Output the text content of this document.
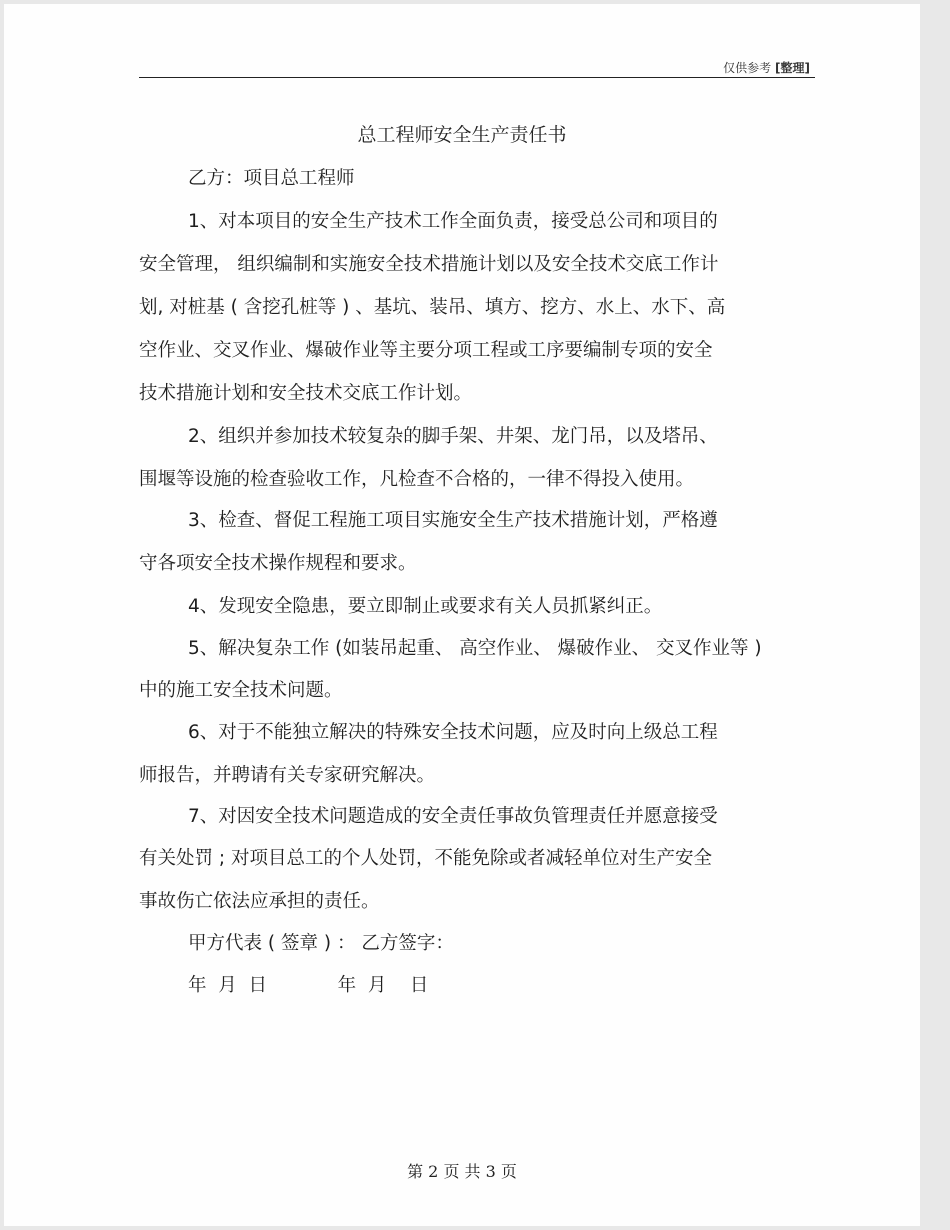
仅供参考 [整理]
总工程师安全生产责任书
乙方：项目总工程师
1、对本项目的安全生产技术工作全面负责，接受总公司和项目的
安全管理， 组织编制和实施安全技术措施计划以及安全技术交底工作计
划, 对桩基 ( 含挖孔桩等 ) 、基坑、装吊、填方、挖方、水上、水下、高
空作业、交叉作业、爆破作业等主要分项工程或工序要编制专项的安全
技术措施计划和安全技术交底工作计划。
2、组织并参加技术较复杂的脚手架、井架、龙门吊，以及塔吊、
围堰等设施的检查验收工作，凡检查不合格的，一律不得投入使用。
3、检查、督促工程施工项目实施安全生产技术措施计划，严格遵
守各项安全技术操作规程和要求。
4、发现安全隐患，要立即制止或要求有关人员抓紧纠正。
5、解决复杂工作 (如装吊起重、 高空作业、 爆破作业、 交叉作业等 )
中的施工安全技术问题。
6、对于不能独立解决的特殊安全技术问题，应及时向上级总工程
师报告，并聘请有关专家研究解决。
7、对因安全技术问题造成的安全责任事故负管理责任并愿意接受
有关处罚 ; 对项目总工的个人处罚，不能免除或者减轻单位对生产安全
事故伤亡依法应承担的责任。
甲方代表 ( 签章 ) ： 乙方签字：
年  月  日            年  月    日
第 2 页 共 3 页
